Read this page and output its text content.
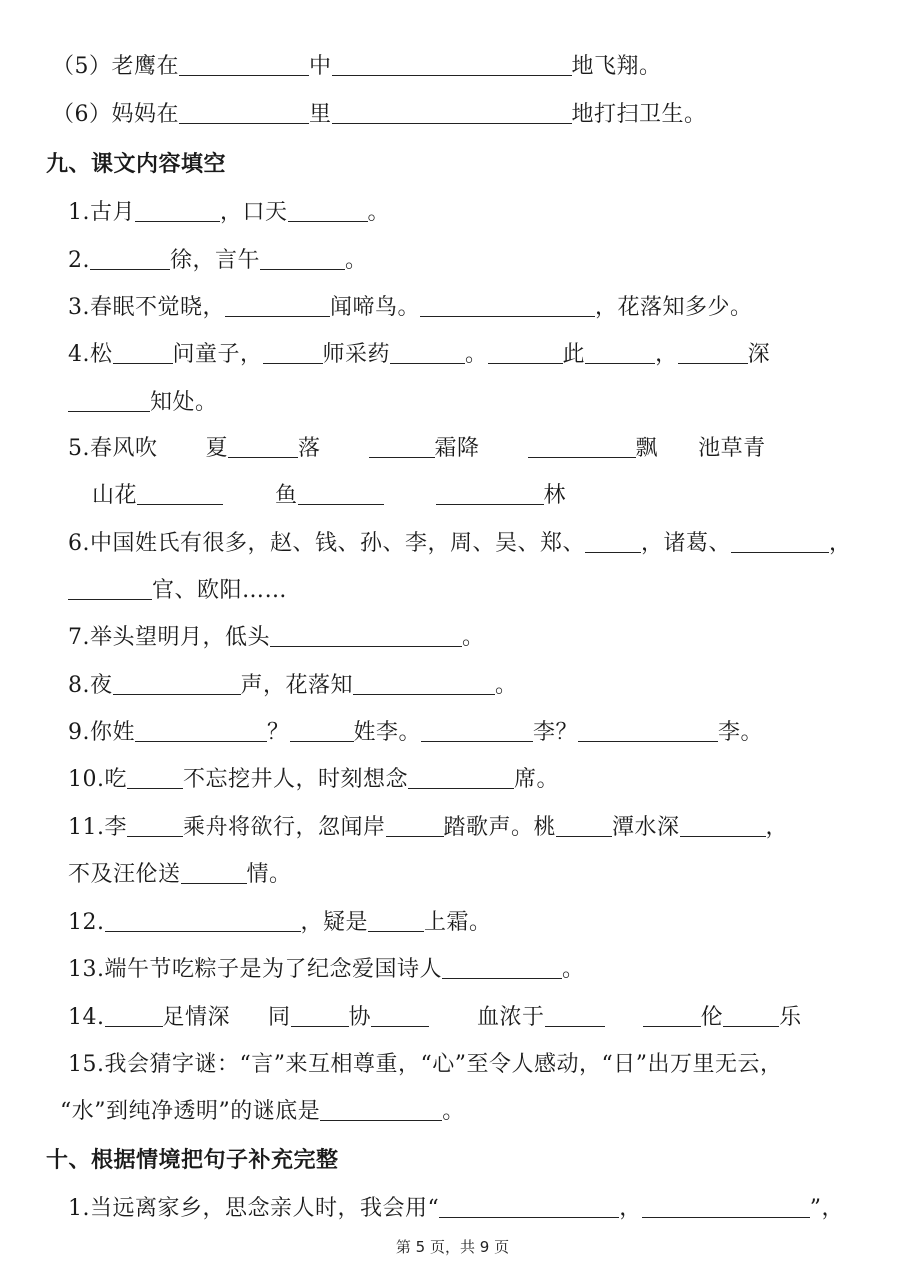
（5）老鹰在	中	地飞翔。
（6）妈妈在	里	地打扫卫生。
九、课文内容填空
1.古月	，口天	。
2.	徐，言午	。
3.春眠不觉晓，	闻啼鸟。	，花落知多少。
4.松	问童子，	师采药	。	此	，	深
知处。
5.春风吹 夏	落	霜降	飘 池草青
山花	鱼	林
6.中国姓氏有很多，赵、钱、孙、李，周、吴、郑、	，诸葛、	，
官、欧阳……
7.举头望明月，低头	。
8.夜	声，花落知	。
9.你姓	？	姓李。	李？	李。
10.吃	不忘挖井人，时刻想念	席。
11.李	乘舟将欲行，忽闻岸	踏歌声。桃	潭水深	，
不及汪伦送	情。
12.	，疑是	上霜。
13.端午节吃粽子是为了纪念爱国诗人	。
14.	足情深 同	协	血浓于	伦	乐
15.我会猜字谜：“言”来互相尊重，“心”至令人感动，“日”出万里无云，
“水”到纯净透明”的谜底是	。
十、根据情境把句子补充完整
1.当远离家乡，思念亲人时，我会用“	，	”，
第 5 页，共 9 页
